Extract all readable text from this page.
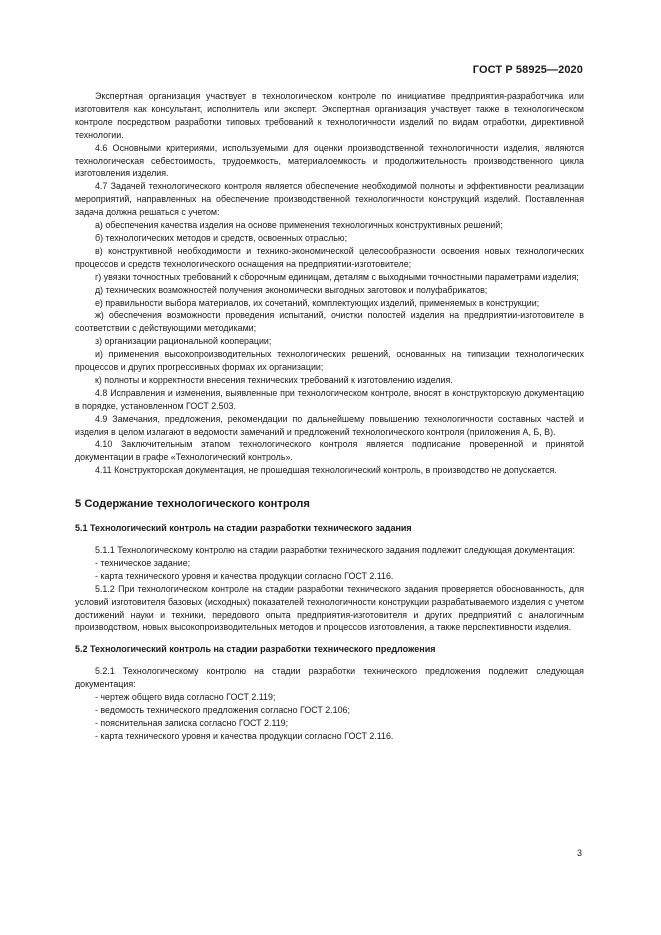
ГОСТ Р 58925—2020

Экспертная организация участвует в технологическом контроле по инициативе предприятия-разработчика или изготовителя как консультант, исполнитель или эксперт. Экспертная организация участвует также в технологическом контроле посредством разработки типовых требований к технологичности изделий по видам отработки, директивной технологии.

4.6 Основными критериями, используемыми для оценки производственной технологичности изделия, являются технологическая себестоимость, трудоемкость, материалоемкость и продолжительность производственного цикла изготовления изделия.

4.7 Задачей технологического контроля является обеспечение необходимой полноты и эффективности реализации мероприятий, направленных на обеспечение производственной технологичности конструкций изделий. Поставленная задача должна решаться с учетом:

а) обеспечения качества изделия на основе применения технологичных конструктивных решений;

б) технологических методов и средств, освоенных отраслью;

в) конструктивной необходимости и технико-экономической целесообразности освоения новых технологических процессов и средств технологического оснащения на предприятии-изготовителе;

г) увязки точностных требований к сборочным единицам, деталям с выходными точностными параметрами изделия;

д) технических возможностей получения экономически выгодных заготовок и полуфабрикатов;

е) правильности выбора материалов, их сочетаний, комплектующих изделий, применяемых в конструкции;

ж) обеспечения возможности проведения испытаний, очистки полостей изделия на предприятии-изготовителе в соответствии с действующими методиками;

з) организации рациональной кооперации;

и) применения высокопроизводительных технологических решений, основанных на типизации технологических процессов и других прогрессивных формах их организации;

к) полноты и корректности внесения технических требований к изготовлению изделия.

4.8 Исправления и изменения, выявленные при технологическом контроле, вносят в конструкторскую документацию в порядке, установленном ГОСТ 2.503.

4.9 Замечания, предложения, рекомендации по дальнейшему повышению технологичности составных частей и изделия в целом излагают в ведомости замечаний и предложений технологического контроля (приложения А, Б, В).

4.10 Заключительным этапом технологического контроля является подписание проверенной и принятой документации в графе «Технологический контроль».

4.11 Конструкторская документация, не прошедшая технологический контроль, в производство не допускается.

5 Содержание технологического контроля

5.1 Технологический контроль на стадии разработки технического задания

5.1.1 Технологическому контролю на стадии разработки технического задания подлежит следующая документация:

- техническое задание;

- карта технического уровня и качества продукции согласно ГОСТ 2.116.

5.1.2 При технологическом контроле на стадии разработки технического задания проверяется обоснованность, для условий изготовителя базовых (исходных) показателей технологичности конструкции разрабатываемого изделия с учетом достижений науки и техники, передового опыта предприятия-изготовителя и других предприятий с аналогичным производством, новых высокопроизводительных методов и процессов изготовления, а также перспективности изделия.

5.2 Технологический контроль на стадии разработки технического предложения

5.2.1 Технологическому контролю на стадии разработки технического предложения подлежит следующая документация:

- чертеж общего вида согласно ГОСТ 2.119;

- ведомость технического предложения согласно ГОСТ 2.106;

- пояснительная записка согласно ГОСТ 2.119;

- карта технического уровня и качества продукции согласно ГОСТ 2.116.

3
